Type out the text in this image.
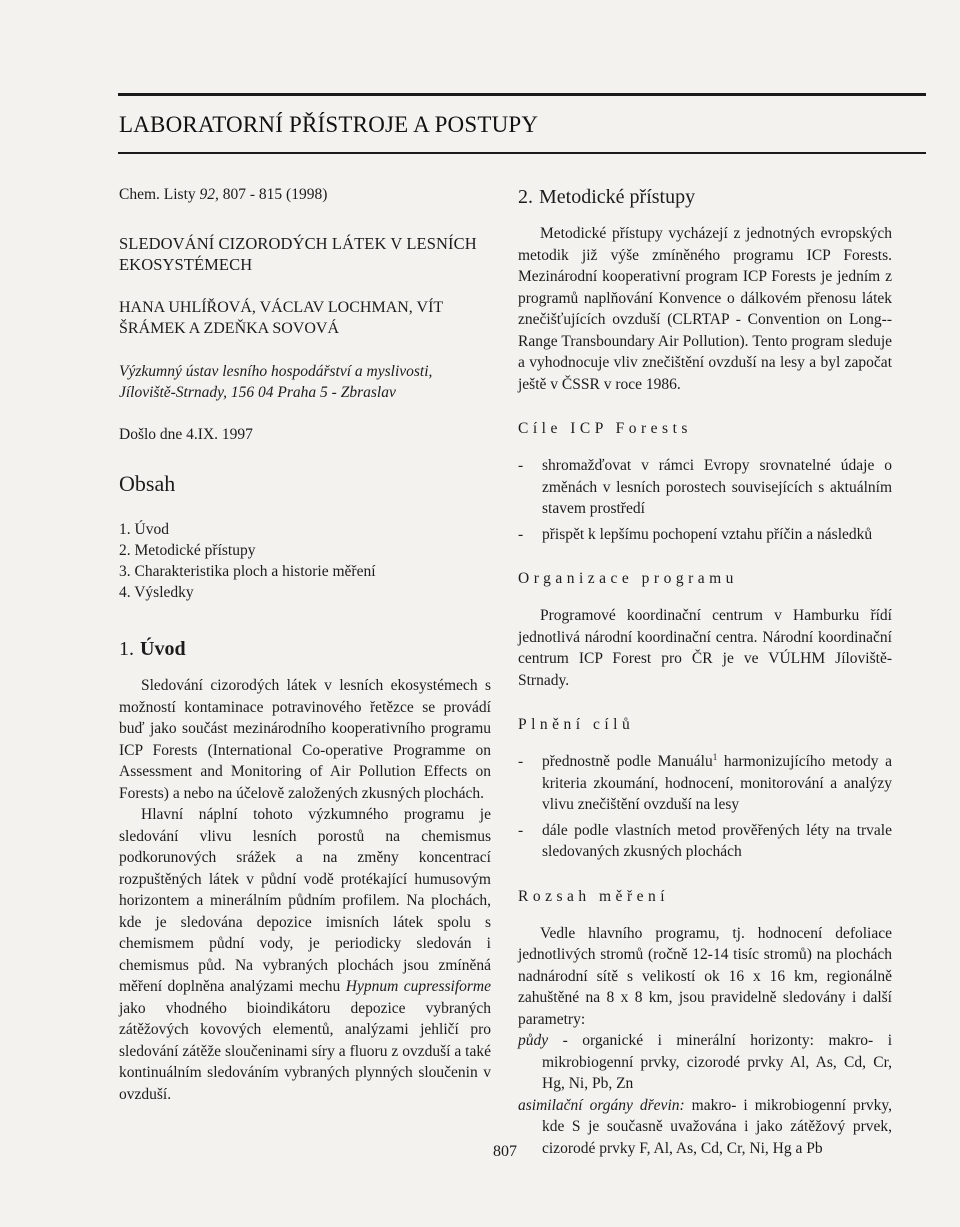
LABORATORNÍ PŘÍSTROJE A POSTUPY
Chem. Listy 92, 807 - 815 (1998)
SLEDOVÁNÍ CIZORODÝCH LÁTEK V LESNÍCH EKOSYSTÉMECH
HANA UHLÍŘOVÁ, VÁCLAV LOCHMAN, VÍT ŠRÁMEK A ZDEŇKA SOVOVÁ
Výzkumný ústav lesního hospodářství a myslivosti, Jíloviště-Strnady, 156 04 Praha 5 - Zbraslav
Došlo dne 4.IX. 1997
Obsah
1. Úvod
2. Metodické přístupy
3. Charakteristika ploch a historie měření
4. Výsledky
1. Úvod

Sledování cizorodých látek v lesních ekosystémech s možností kontaminace potravinového řetězce se provádí buď jako součást mezinárodního kooperativního programu ICP Forests (International Co-operative Programme on Assessment and Monitoring of Air Pollution Effects on Forests) a nebo na účelově založených zkusných plochách.

Hlavní náplní tohoto výzkumného programu je sledování vlivu lesních porostů na chemismus podkorunových srážek a na změny koncentrací rozpuštěných látek v půdní vodě protékající humusovým horizontem a minerálním půdním profilem. Na plochách, kde je sledována depozice imisních látek spolu s chemismem půdní vody, je periodicky sledován i chemismus půd. Na vybraných plochách jsou zmíněná měření doplněna analýzami mechu Hypnum cupressiforme jako vhodného bioindikátoru depozice vybraných zátěžových kovových elementů, analýzami jehličí pro sledování zátěže sloučeninami síry a fluoru z ovzduší a také kontinuálním sledováním vybraných plynných sloučenin v ovzduší.

2. Metodické přístupy

Metodické přístupy vycházejí z jednotných evropských metodik již výše zmíněného programu ICP Forests. Mezinárodní kooperativní program ICP Forests je jedním z programů naplňování Konvence o dálkovém přenosu látek znečišťujících ovzduší (CLRTAP - Convention on Long--Range Transboundary Air Pollution). Tento program sleduje a vyhodnocuje vliv znečištění ovzduší na lesy a byl započat ještě v ČSSR v roce 1986.

Cíle ICP Forests
- shromažďovat v rámci Evropy srovnatelné údaje o změnách v lesních porostech souvisejících s aktuálním stavem prostředí
- přispět k lepšímu pochopení vztahu příčin a následků
Organizace programu

Programové koordinační centrum v Hamburku řídí jednotlivá národní koordinační centra. Národní koordinační centrum ICP Forest pro ČR je ve VÚLHM Jíloviště-Strnady.

Plnění cílů
- přednostně podle Manuálu$^1$ harmonizujícího metody a kriteria zkoumání, hodnocení, monitorování a analýzy vlivu znečištění ovzduší na lesy
- dále podle vlastních metod prověřených léty na trvale sledovaných zkusných plochách
Rozsah měření

Vedle hlavního programu, tj. hodnocení defoliace jednotlivých stromů (ročně 12-14 tisíc stromů) na plochách nadnárodní sítě s velikostí ok 16 x 16 km, regionálně zahuštěné na 8 x 8 km, jsou pravidelně sledovány i další parametry:

půdy - organické i minerální horizonty: makro- i mikrobiogenní prvky, cizorodé prvky Al, As, Cd, Cr, Hg, Ni, Pb, Zn

asimilační orgány dřevin: makro- i mikrobiogenní prvky, kde S je současně uvažována i jako zátěžový prvek, cizorodé prvky F, Al, As, Cd, Cr, Ni, Hg a Pb

807
